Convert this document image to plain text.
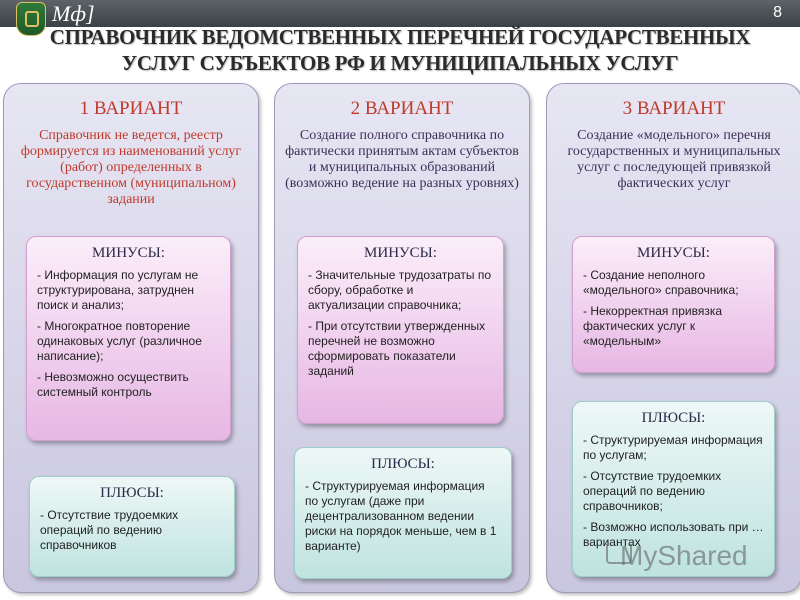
Мф]	8
СПРАВОЧНИК ВЕДОМСТВЕННЫХ ПЕРЕЧНЕЙ ГОСУДАРСТВЕННЫХ
УСЛУГ СУБЪЕКТОВ РФ И МУНИЦИПАЛЬНЫХ УСЛУГ
1 ВАРИАНТ
Справочник не ведется, реестр формируется из наименований услуг (работ) определенных в государственном (муниципальном) задании
МИНУСЫ:
- Информация по услугам не структурирована, затруднен поиск и анализ;
- Многократное повторение одинаковых услуг (различное написание);
- Невозможно осуществить системный контроль
ПЛЮСЫ:
- Отсутствие трудоемких операций по ведению справочников
2 ВАРИАНТ
Создание полного справочника по фактически принятым актам субъектов и муниципальных образований (возможно ведение на разных уровнях)
МИНУСЫ:
- Значительные трудозатраты по сбору, обработке и актуализации справочника;
- При отсутствии утвержденных перечней не возможно сформировать показатели заданий
ПЛЮСЫ:
- Структурируемая информация по услугам (даже при децентрализованном ведении риски на порядок меньше, чем в 1 варианте)
3 ВАРИАНТ
Создание «модельного» перечня государственных и муниципальных услуг с последующей привязкой фактических услуг
МИНУСЫ:
- Создание неполного «модельного» справочника;
- Некорректная привязка фактических услуг к «модельным»
ПЛЮСЫ:
- Структурируемая информация по услугам;
- Отсутствие трудоемких операций по ведению справочников;
- Возможно использовать при … вариантах
MyShared
